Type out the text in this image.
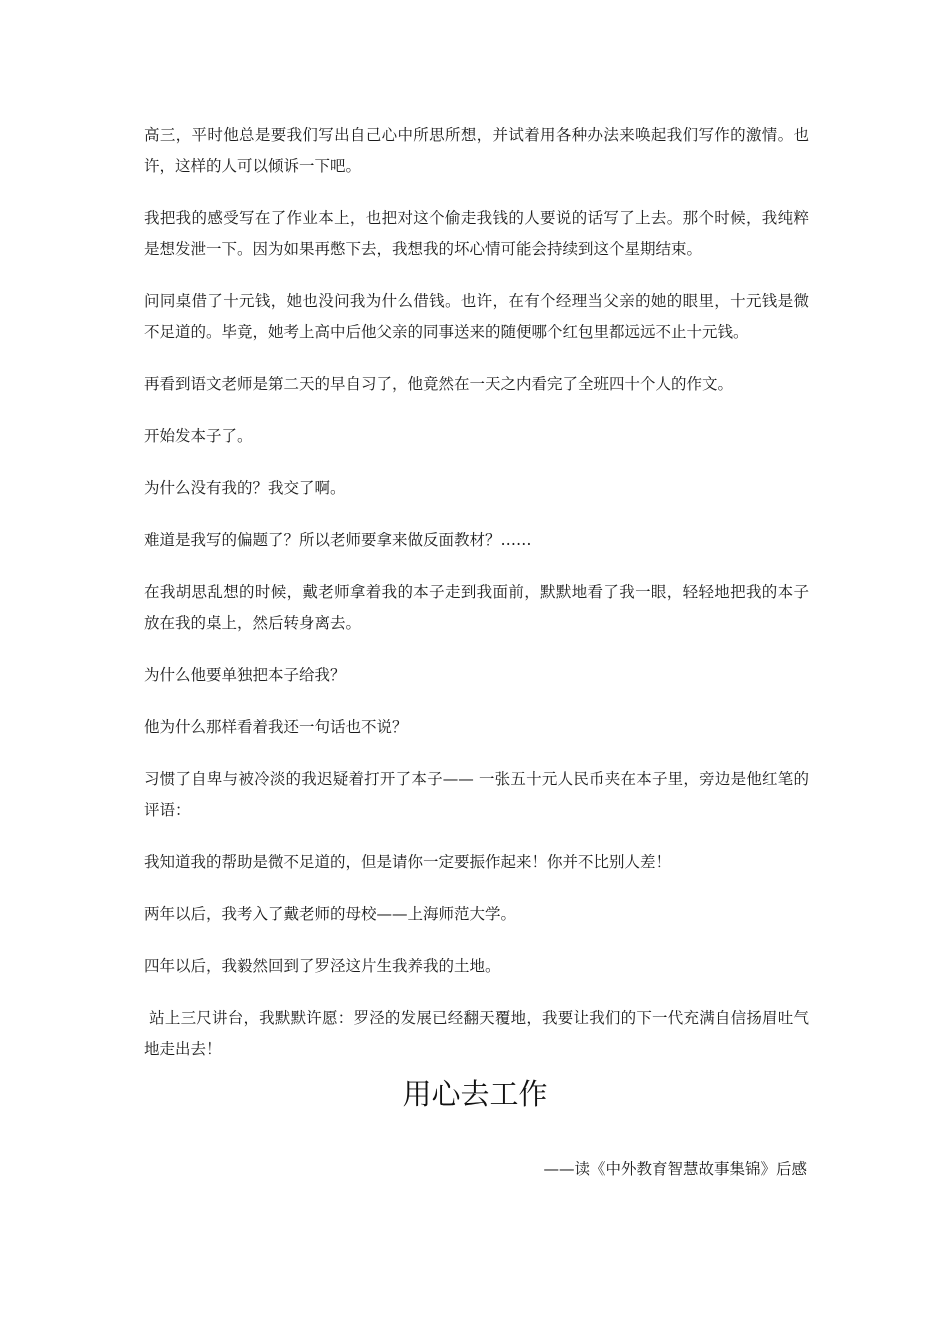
高三，平时他总是要我们写出自己心中所思所想，并试着用各种办法来唤起我们写作的激情。也许，这样的人可以倾诉一下吧。

我把我的感受写在了作业本上，也把对这个偷走我钱的人要说的话写了上去。那个时候，我纯粹是想发泄一下。因为如果再憋下去，我想我的坏心情可能会持续到这个星期结束。

问同桌借了十元钱，她也没问我为什么借钱。也许，在有个经理当父亲的她的眼里，十元钱是微不足道的。毕竟，她考上高中后他父亲的同事送来的随便哪个红包里都远远不止十元钱。

再看到语文老师是第二天的早自习了，他竟然在一天之内看完了全班四十个人的作文。

开始发本子了。

为什么没有我的？我交了啊。

难道是我写的偏题了？所以老师要拿来做反面教材？……

在我胡思乱想的时候，戴老师拿着我的本子走到我面前，默默地看了我一眼，轻轻地把我的本子放在我的桌上，然后转身离去。

为什么他要单独把本子给我？

他为什么那样看着我还一句话也不说？

习惯了自卑与被冷淡的我迟疑着打开了本子—— 一张五十元人民币夹在本子里，旁边是他红笔的评语：

我知道我的帮助是微不足道的，但是请你一定要振作起来！你并不比别人差！

两年以后，我考入了戴老师的母校——上海师范大学。

四年以后，我毅然回到了罗泾这片生我养我的土地。

站上三尺讲台，我默默许愿：罗泾的发展已经翻天覆地，我要让我们的下一代充满自信扬眉吐气地走出去！

用心去工作

——读《中外教育智慧故事集锦》后感
